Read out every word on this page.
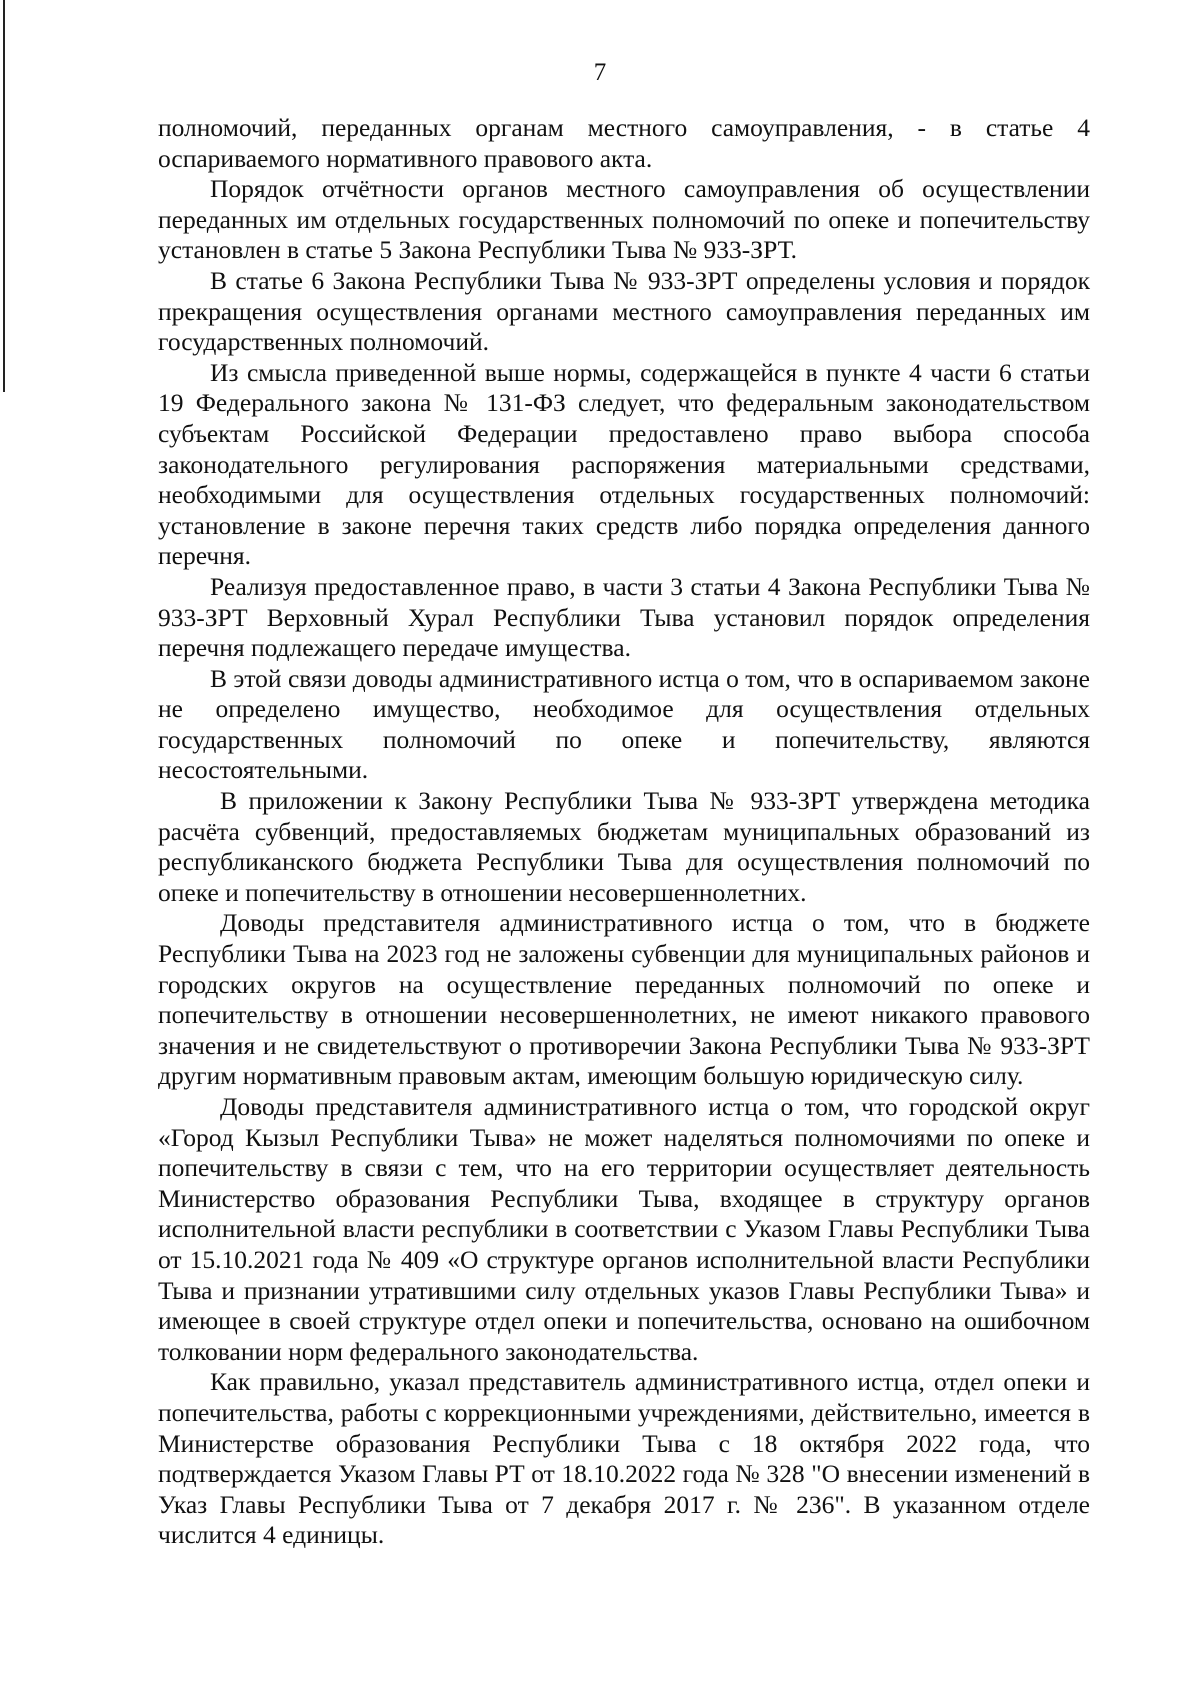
7

полномочий, переданных органам местного самоуправления, - в статье 4 оспариваемого нормативного правового акта.

Порядок отчётности органов местного самоуправления об осуществлении переданных им отдельных государственных полномочий по опеке и попечительству установлен в статье 5 Закона Республики Тыва № 933-ЗРТ.

В статье 6 Закона Республики Тыва № 933-ЗРТ определены условия и порядок прекращения осуществления органами местного самоуправления переданных им государственных полномочий.

Из смысла приведенной выше нормы, содержащейся в пункте 4 части 6 статьи 19 Федерального закона № 131-ФЗ следует, что федеральным законодательством субъектам Российской Федерации предоставлено право выбора способа законодательного регулирования распоряжения материальными средствами, необходимыми для осуществления отдельных государственных полномочий: установление в законе перечня таких средств либо порядка определения данного перечня.

Реализуя предоставленное право, в части 3 статьи 4 Закона Республики Тыва № 933-ЗРТ Верховный Хурал Республики Тыва установил порядок определения перечня подлежащего передаче имущества.

В этой связи доводы административного истца о том, что в оспариваемом законе не определено имущество, необходимое для осуществления отдельных государственных полномочий по опеке и попечительству, являются несостоятельными.

В приложении к Закону Республики Тыва № 933-ЗРТ утверждена методика расчёта субвенций, предоставляемых бюджетам муниципальных образований из республиканского бюджета Республики Тыва для осуществления полномочий по опеке и попечительству в отношении несовершеннолетних.

Доводы представителя административного истца о том, что в бюджете Республики Тыва на 2023 год не заложены субвенции для муниципальных районов и городских округов на осуществление переданных полномочий по опеке и попечительству в отношении несовершеннолетних, не имеют никакого правового значения и не свидетельствуют о противоречии Закона Республики Тыва № 933-ЗРТ другим нормативным правовым актам, имеющим большую юридическую силу.

Доводы представителя административного истца о том, что городской округ «Город Кызыл Республики Тыва» не может наделяться полномочиями по опеке и попечительству в связи с тем, что на его территории осуществляет деятельность Министерство образования Республики Тыва, входящее в структуру органов исполнительной власти республики в соответствии с Указом Главы Республики Тыва от 15.10.2021 года № 409 «О структуре органов исполнительной власти Республики Тыва и признании утратившими силу отдельных указов Главы Республики Тыва» и имеющее в своей структуре отдел опеки и попечительства, основано на ошибочном толковании норм федерального законодательства.

Как правильно, указал представитель административного истца, отдел опеки и попечительства, работы с коррекционными учреждениями, действительно, имеется в Министерстве образования Республики Тыва с 18 октября 2022 года, что подтверждается Указом Главы РТ от 18.10.2022 года № 328 "О внесении изменений в Указ Главы Республики Тыва от 7 декабря 2017 г. № 236". В указанном отделе числится 4 единицы.
